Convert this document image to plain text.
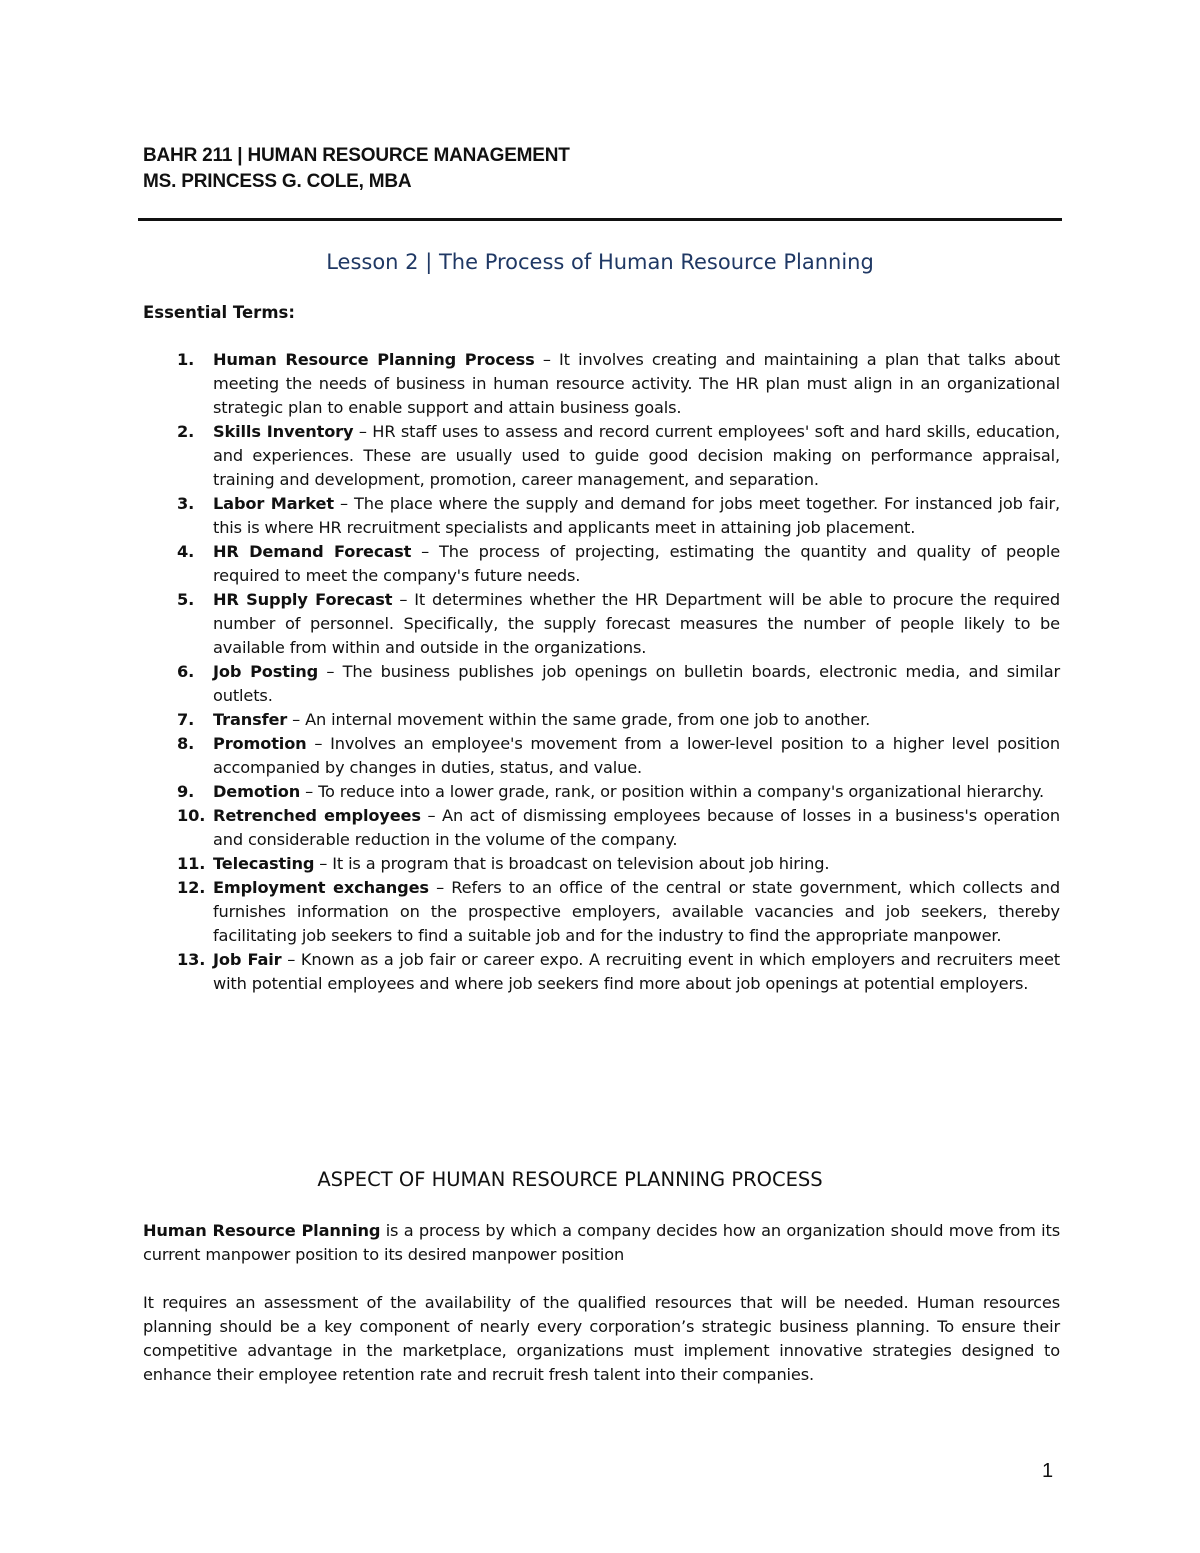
BAHR 211 | HUMAN RESOURCE MANAGEMENT
MS. PRINCESS G. COLE, MBA
Lesson 2 | The Process of Human Resource Planning
Essential Terms:
1. Human Resource Planning Process – It involves creating and maintaining a plan that talks about meeting the needs of business in human resource activity. The HR plan must align in an organizational strategic plan to enable support and attain business goals.
2. Skills Inventory – HR staff uses to assess and record current employees' soft and hard skills, education, and experiences. These are usually used to guide good decision making on performance appraisal, training and development, promotion, career management, and separation.
3. Labor Market – The place where the supply and demand for jobs meet together. For instanced job fair, this is where HR recruitment specialists and applicants meet in attaining job placement.
4. HR Demand Forecast – The process of projecting, estimating the quantity and quality of people required to meet the company's future needs.
5. HR Supply Forecast – It determines whether the HR Department will be able to procure the required number of personnel. Specifically, the supply forecast measures the number of people likely to be available from within and outside in the organizations.
6. Job Posting – The business publishes job openings on bulletin boards, electronic media, and similar outlets.
7. Transfer – An internal movement within the same grade, from one job to another.
8. Promotion – Involves an employee's movement from a lower-level position to a higher level position accompanied by changes in duties, status, and value.
9. Demotion – To reduce into a lower grade, rank, or position within a company's organizational hierarchy.
10. Retrenched employees – An act of dismissing employees because of losses in a business's operation and considerable reduction in the volume of the company.
11. Telecasting – It is a program that is broadcast on television about job hiring.
12. Employment exchanges – Refers to an office of the central or state government, which collects and furnishes information on the prospective employers, available vacancies and job seekers, thereby facilitating job seekers to find a suitable job and for the industry to find the appropriate manpower.
13. Job Fair – Known as a job fair or career expo. A recruiting event in which employers and recruiters meet with potential employees and where job seekers find more about job openings at potential employers.
ASPECT OF HUMAN RESOURCE PLANNING PROCESS

Human Resource Planning is a process by which a company decides how an organization should move from its current manpower position to its desired manpower position

It requires an assessment of the availability of the qualified resources that will be needed. Human resources planning should be a key component of nearly every corporation’s strategic business planning. To ensure their competitive advantage in the marketplace, organizations must implement innovative strategies designed to enhance their employee retention rate and recruit fresh talent into their companies.

1
